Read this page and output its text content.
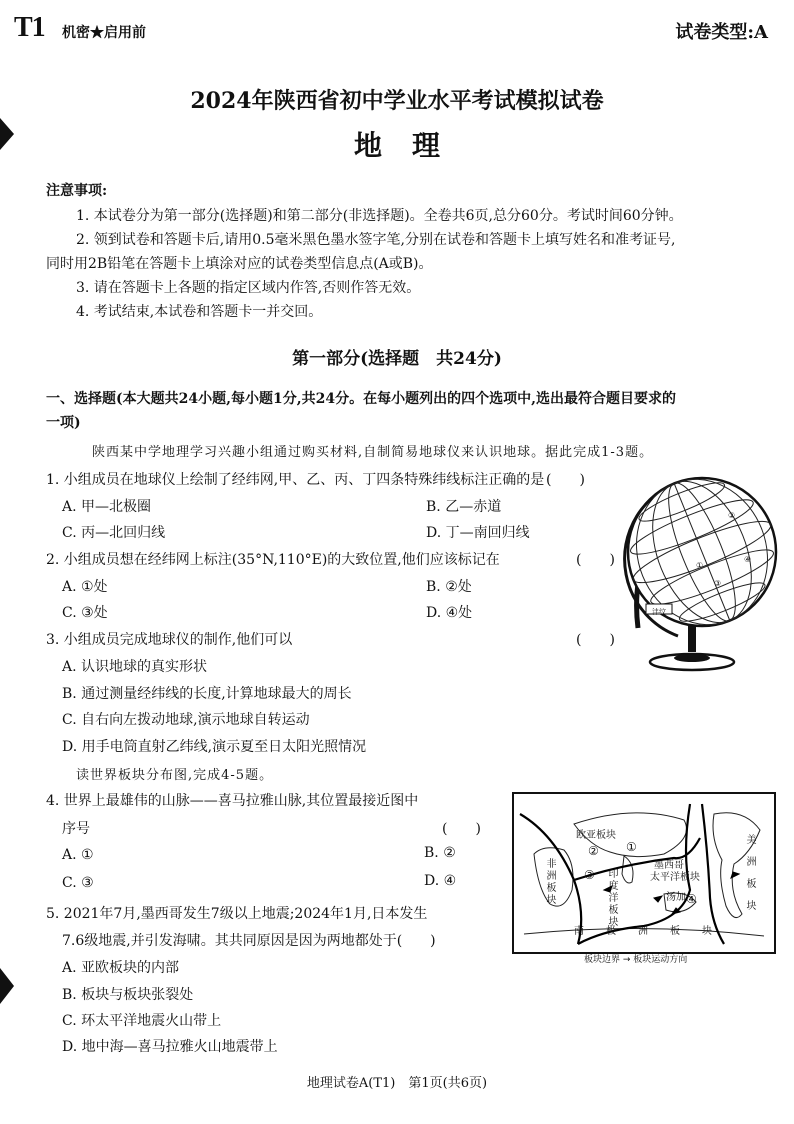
T1 机密★启用前	试卷类型:A
2024年陕西省初中学业水平考试模拟试卷
地理
注意事项:
1. 本试卷分为第一部分(选择题)和第二部分(非选择题)。全卷共6页,总分60分。考试时间60分钟。
2. 领到试卷和答题卡后,请用0.5毫米黑色墨水签字笔,分别在试卷和答题卡上填写姓名和准考证号,
同时用2B铅笔在答题卡上填涂对应的试卷类型信息点(A或B)。
3. 请在答题卡上各题的指定区域内作答,否则作答无效。
4. 考试结束,本试卷和答题卡一并交回。
第一部分(选择题　共24分)
一、选择题(本大题共24小题,每小题1分,共24分。在每小题列出的四个选项中,选出最符合题目要求的
一项)
陕西某中学地理学习兴趣小组通过购买材料,自制简易地球仪来认识地球。据此完成1-3题。
1. 小组成员在地球仪上绘制了经纬网,甲、乙、丙、丁四条特殊纬线标注正确的是 (　　)
A. 甲—北极圈	B. 乙—赤道
C. 丙—北回归线	D. 丁—南回归线
2. 小组成员想在经纬网上标注(35°N,110°E)的大致位置,他们应该标记在	(　　)
A. ①处	B. ②处
C. ③处	D. ④处
3. 小组成员完成地球仪的制作,他们可以	(　　)
A. 认识地球的真实形状
B. 通过测量经纬线的长度,计算地球最大的周长
C. 自右向左拨动地球,演示地球自转运动
D. 用手电筒直射乙纬线,演示夏至日太阳光照情况
读世界板块分布图,完成4-5题。
4. 世界上最雄伟的山脉——喜马拉雅山脉,其位置最接近图中
序号	(　　)
A. ①	B. ②
C. ③	D. ④
5. 2021年7月,墨西哥发生7级以上地震;2024年1月,日本发生
7.6级地震,并引发海啸。其共同原因是因为两地都处于(　　)
A. 亚欧板块的内部
B. 板块与板块张裂处
C. 环太平洋地震火山带上
D. 地中海—喜马拉雅火山地震带上
②
④
①
③
沣纹
欧亚板块
非洲板块	印度洋板块
墨西哥
太平洋板块
汤加	美洲板块
南极洲板块
①
②
③
④
板块边界 → 板块运动方向
地理试卷A(T1)　第1页(共6页)
